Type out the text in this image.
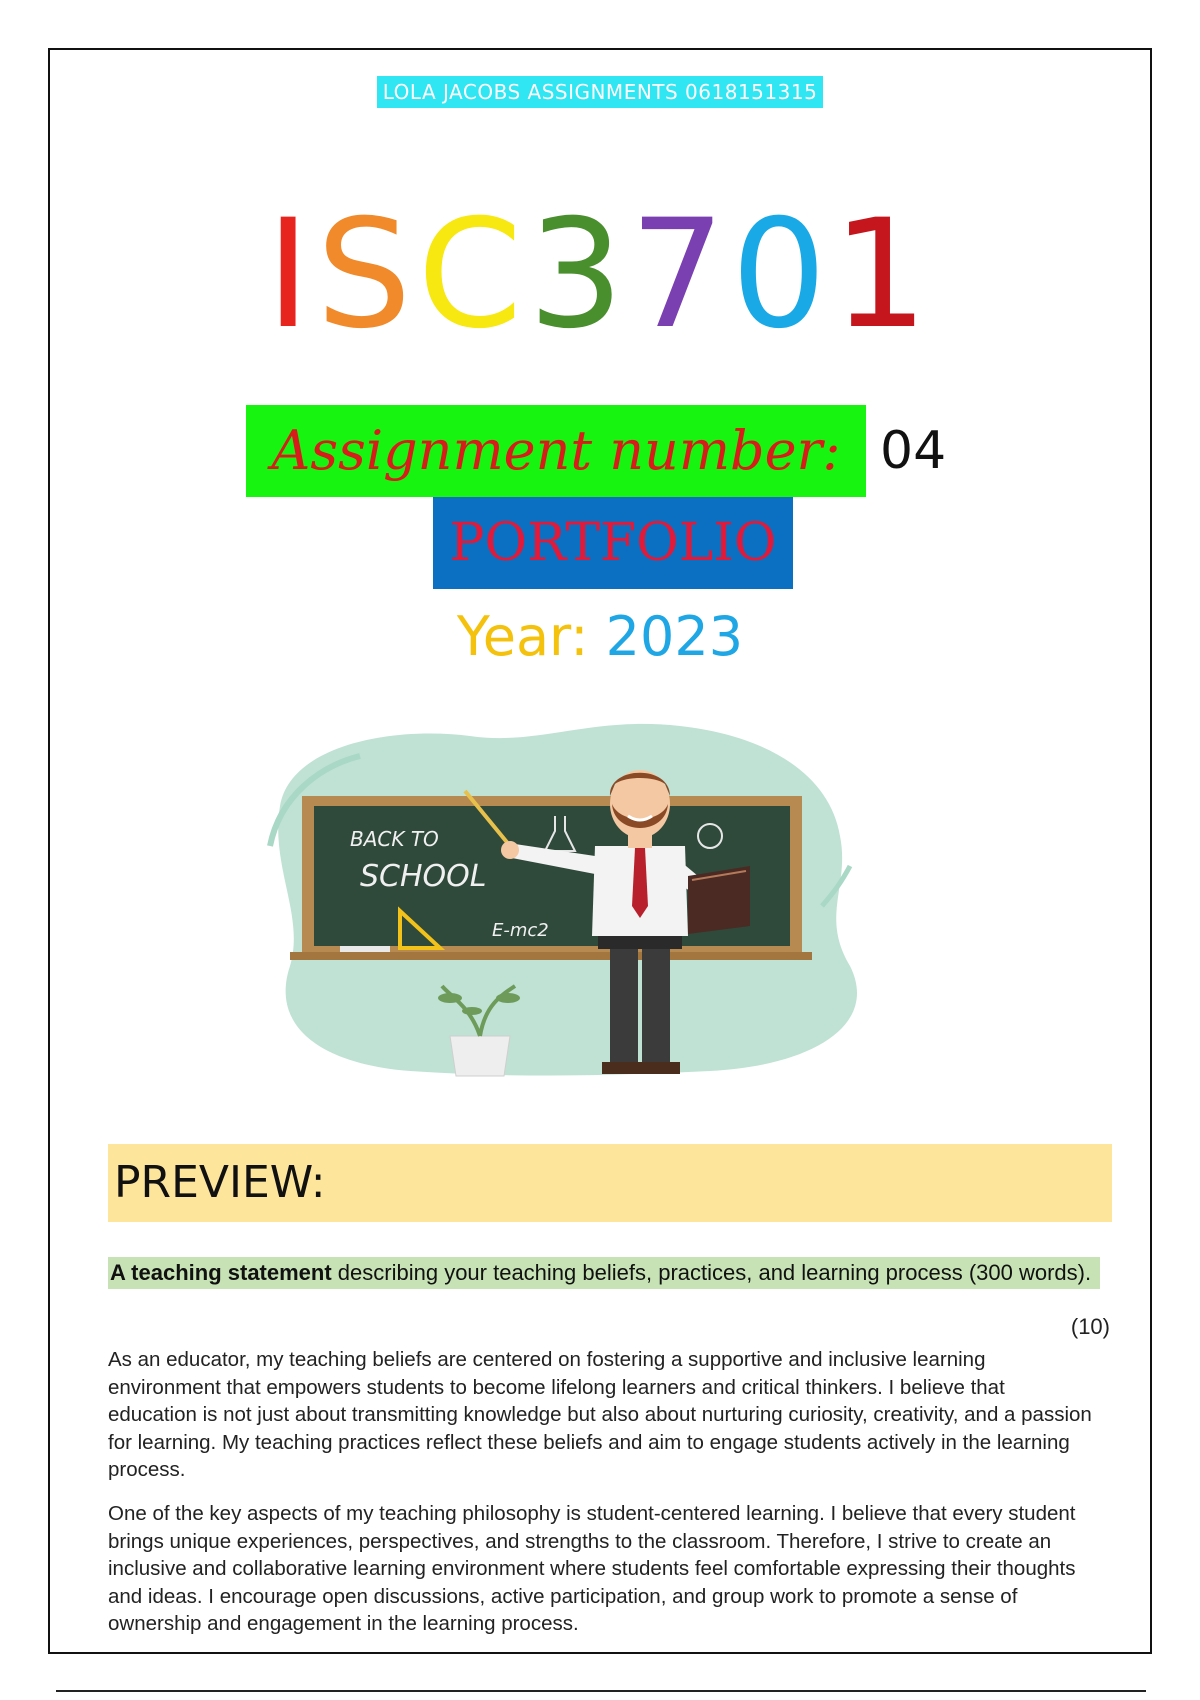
LOLA JACOBS ASSIGNMENTS 0618151315
ISC3701
Assignment number: 04
PORTFOLIO
Year: 2023
BACK TO
SCHOOL
E-mc2
PREVIEW:
A teaching statement describing your teaching beliefs, practices, and learning process (300 words).
(10)

As an educator, my teaching beliefs are centered on fostering a supportive and inclusive learning environment that empowers students to become lifelong learners and critical thinkers. I believe that education is not just about transmitting knowledge but also about nurturing curiosity, creativity, and a passion for learning. My teaching practices reflect these beliefs and aim to engage students actively in the learning process.

One of the key aspects of my teaching philosophy is student-centered learning. I believe that every student brings unique experiences, perspectives, and strengths to the classroom. Therefore, I strive to create an inclusive and collaborative learning environment where students feel comfortable expressing their thoughts and ideas. I encourage open discussions, active participation, and group work to promote a sense of ownership and engagement in the learning process.
